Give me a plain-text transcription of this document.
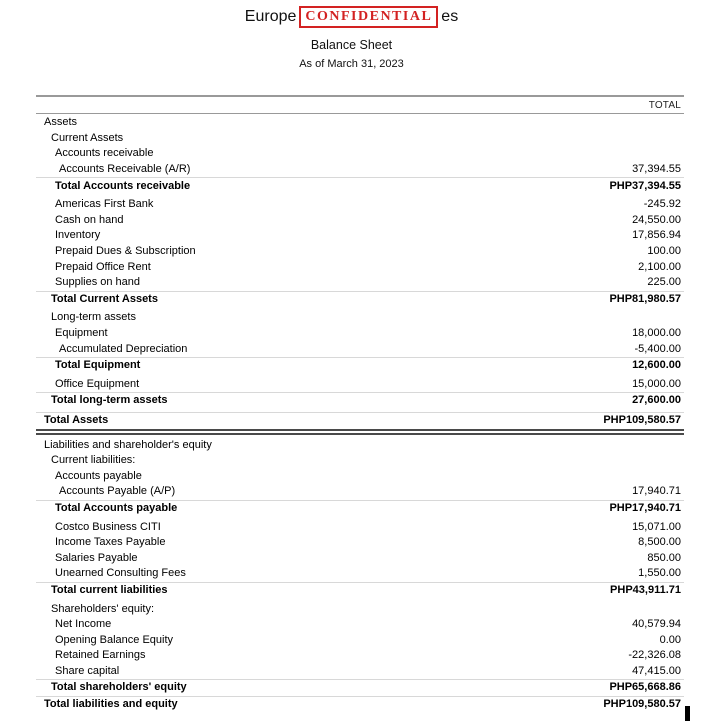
Europe CONFIDENTIAL es
Balance Sheet
As of March 31, 2023
TOTAL
Assets
Current Assets
Accounts receivable
Accounts Receivable (A/R)	37,394.55
Total Accounts receivable	PHP37,394.55
Americas First Bank	-245.92
Cash on hand	24,550.00
Inventory	17,856.94
Prepaid Dues & Subscription	100.00
Prepaid Office Rent	2,100.00
Supplies on hand	225.00
Total Current Assets	PHP81,980.57
Long-term assets
Equipment	18,000.00
Accumulated Depreciation	-5,400.00
Total Equipment	12,600.00
Office Equipment	15,000.00
Total long-term assets	27,600.00
Total Assets	PHP109,580.57
Liabilities and shareholder's equity
Current liabilities:
Accounts payable
Accounts Payable (A/P)	17,940.71
Total Accounts payable	PHP17,940.71
Costco Business CITI	15,071.00
Income Taxes Payable	8,500.00
Salaries Payable	850.00
Unearned Consulting Fees	1,550.00
Total current liabilities	PHP43,911.71
Shareholders' equity:
Net Income	40,579.94
Opening Balance Equity	0.00
Retained Earnings	-22,326.08
Share capital	47,415.00
Total shareholders' equity	PHP65,668.86
Total liabilities and equity	PHP109,580.57
